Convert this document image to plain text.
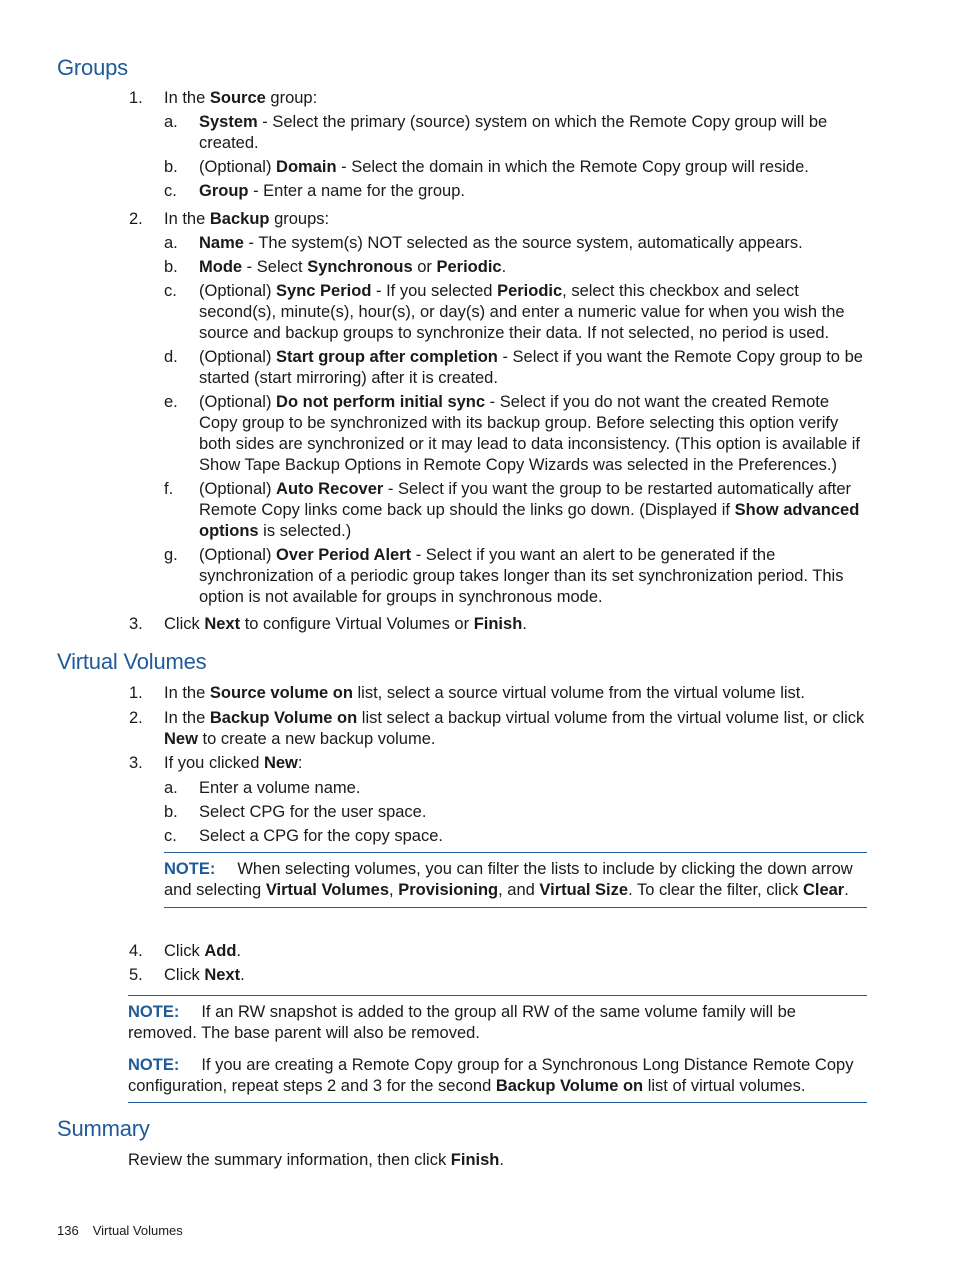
Groups
1.	In the Source group:
a.	System - Select the primary (source) system on which the Remote Copy group will be created.
b.	(Optional) Domain - Select the domain in which the Remote Copy group will reside.
c.	Group - Enter a name for the group.
2.	In the Backup groups:
a.	Name - The system(s) NOT selected as the source system, automatically appears.
b.	Mode - Select Synchronous or Periodic.
c.	(Optional) Sync Period - If you selected Periodic, select this checkbox and select second(s), minute(s), hour(s), or day(s) and enter a numeric value for when you wish the source and backup groups to synchronize their data. If not selected, no period is used.
d.	(Optional) Start group after completion - Select if you want the Remote Copy group to be started (start mirroring) after it is created.
e.	(Optional) Do not perform initial sync - Select if you do not want the created Remote Copy group to be synchronized with its backup group. Before selecting this option verify both sides are synchronized or it may lead to data inconsistency. (This option is available if Show Tape Backup Options in Remote Copy Wizards was selected in the Preferences.)
f.	(Optional) Auto Recover - Select if you want the group to be restarted automatically after Remote Copy links come back up should the links go down. (Displayed if Show advanced options is selected.)
g.	(Optional) Over Period Alert - Select if you want an alert to be generated if the synchronization of a periodic group takes longer than its set synchronization period. This option is not available for groups in synchronous mode.
3.	Click Next to configure Virtual Volumes or Finish.
Virtual Volumes
1.	In the Source volume on list, select a source virtual volume from the virtual volume list.
2.	In the Backup Volume on list select a backup virtual volume from the virtual volume list, or click New to create a new backup volume.
3.	If you clicked New:
a.	Enter a volume name.
b.	Select CPG for the user space.
c.	Select a CPG for the copy space.
NOTE: When selecting volumes, you can filter the lists to include by clicking the down arrow and selecting Virtual Volumes, Provisioning, and Virtual Size. To clear the filter, click Clear.
4.	Click Add.
5.	Click Next.
NOTE: If an RW snapshot is added to the group all RW of the same volume family will be removed. The base parent will also be removed.
NOTE: If you are creating a Remote Copy group for a Synchronous Long Distance Remote Copy configuration, repeat steps 2 and 3 for the second Backup Volume on list of virtual volumes.
Summary
Review the summary information, then click Finish.
136 Virtual Volumes
